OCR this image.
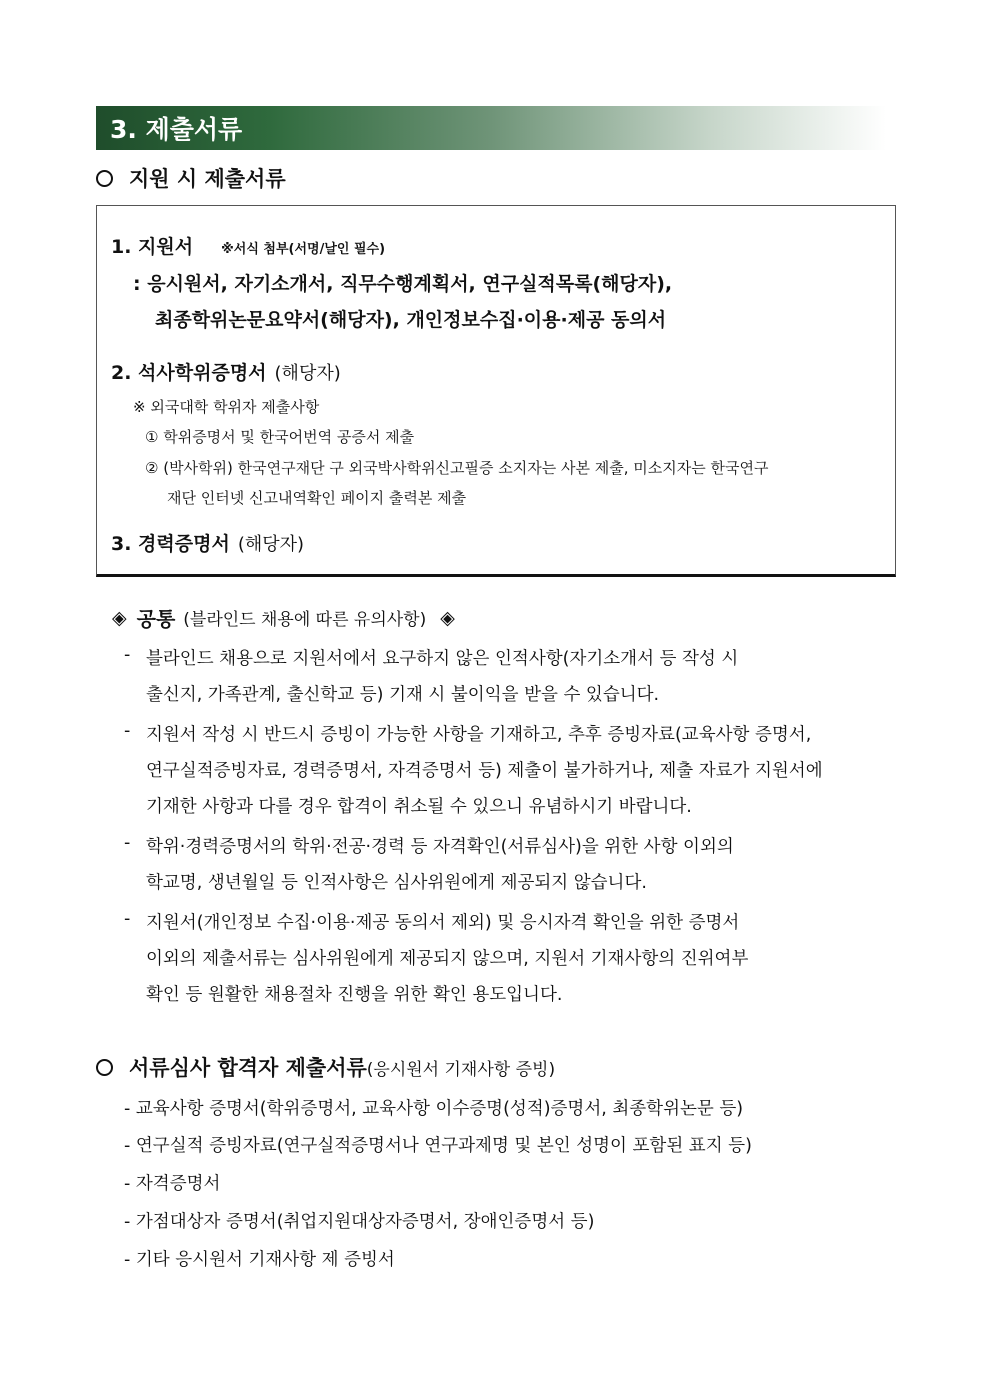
3. 제출서류
지원 시 제출서류
1. 지원서 ※서식 첨부(서명/날인 필수)
: 응시원서, 자기소개서, 직무수행계획서, 연구실적목록(해당자),
최종학위논문요약서(해당자), 개인정보수집·이용·제공 동의서
2. 석사학위증명서 (해당자)
※ 외국대학 학위자 제출사항
① 학위증명서 및 한국어번역 공증서 제출
② (박사학위) 한국연구재단 구 외국박사학위신고필증 소지자는 사본 제출, 미소지자는 한국연구
재단 인터넷 신고내역확인 페이지 출력본 제출
3. 경력증명서 (해당자)
◈ 공통 (블라인드 채용에 따른 유의사항) ◈
- 블라인드 채용으로 지원서에서 요구하지 않은 인적사항(자기소개서 등 작성 시
출신지, 가족관계, 출신학교 등) 기재 시 불이익을 받을 수 있습니다.
- 지원서 작성 시 반드시 증빙이 가능한 사항을 기재하고, 추후 증빙자료(교육사항 증명서,
연구실적증빙자료, 경력증명서, 자격증명서 등) 제출이 불가하거나, 제출 자료가 지원서에
기재한 사항과 다를 경우 합격이 취소될 수 있으니 유념하시기 바랍니다.
- 학위·경력증명서의 학위·전공·경력 등 자격확인(서류심사)을 위한 사항 이외의
학교명, 생년월일 등 인적사항은 심사위원에게 제공되지 않습니다.
- 지원서(개인정보 수집·이용·제공 동의서 제외) 및 응시자격 확인을 위한 증명서
이외의 제출서류는 심사위원에게 제공되지 않으며, 지원서 기재사항의 진위여부
확인 등 원활한 채용절차 진행을 위한 확인 용도입니다.
서류심사 합격자 제출서류 (응시원서 기재사항 증빙)
- 교육사항 증명서(학위증명서, 교육사항 이수증명(성적)증명서, 최종학위논문 등)
- 연구실적 증빙자료(연구실적증명서나 연구과제명 및 본인 성명이 포함된 표지 등)
- 자격증명서
- 가점대상자 증명서(취업지원대상자증명서, 장애인증명서 등)
- 기타 응시원서 기재사항 제 증빙서
